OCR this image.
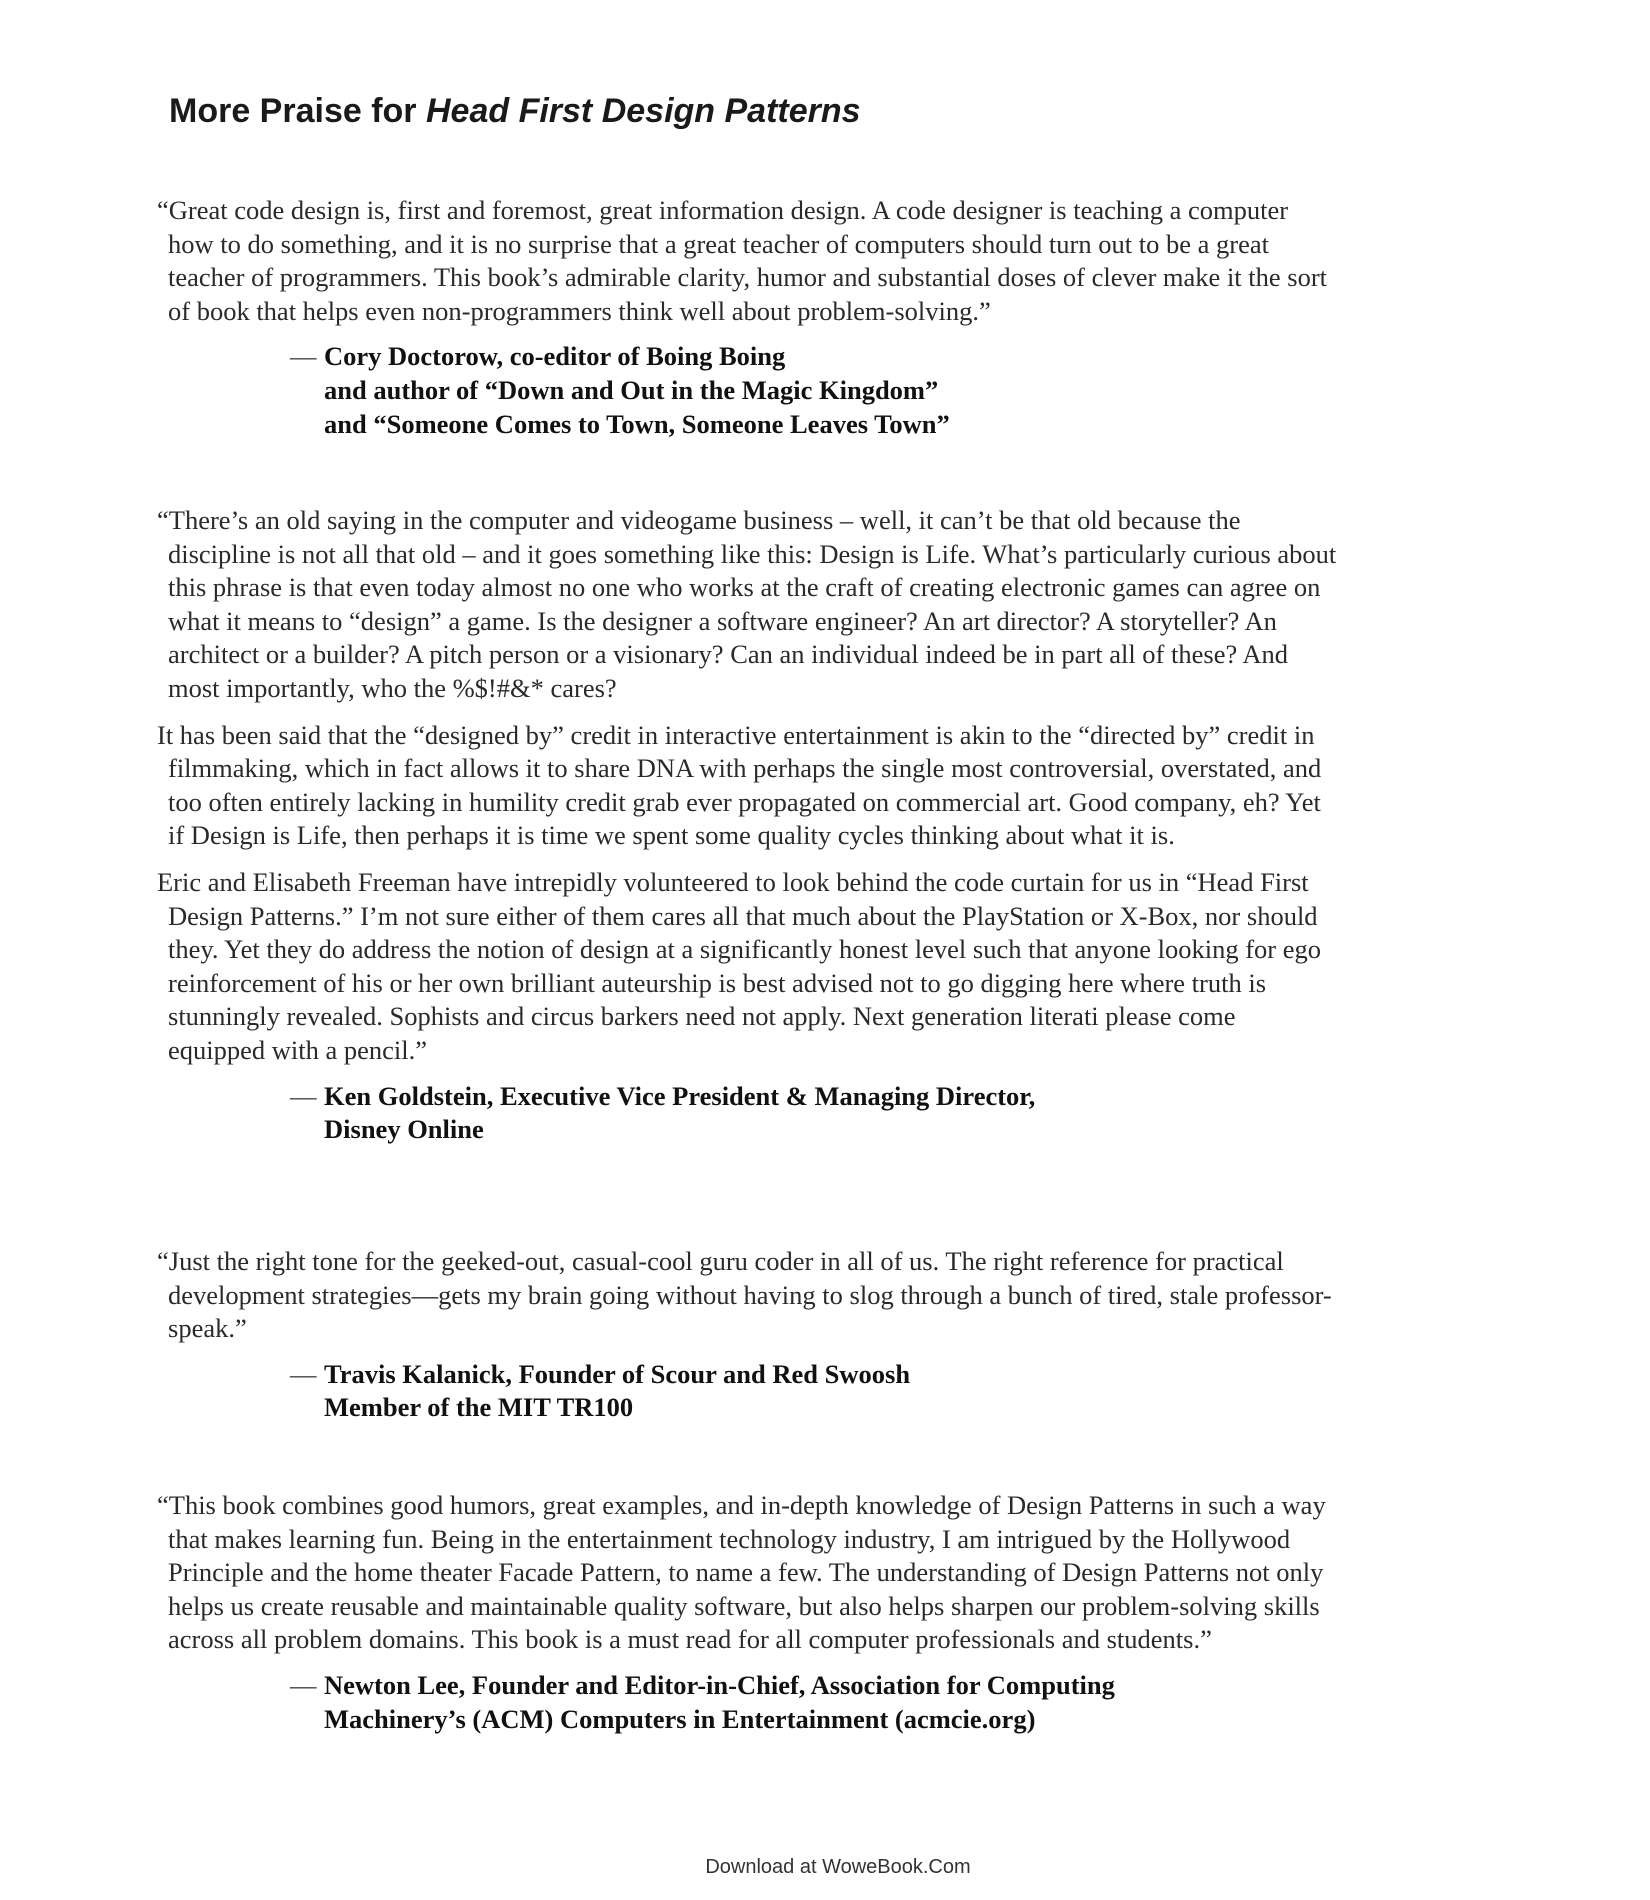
More Praise for Head First Design Patterns

“Great code design is, first and foremost, great information design. A code designer is teaching a computer how to do something, and it is no surprise that a great teacher of computers should turn out to be a great teacher of programmers. This book’s admirable clarity, humor and substantial doses of clever make it the sort of book that helps even non-programmers think well about problem-solving.”

— Cory Doctorow, co-editor of Boing Boing
and author of “Down and Out in the Magic Kingdom”
and “Someone Comes to Town, Someone Leaves Town”

“There’s an old saying in the computer and videogame business – well, it can’t be that old because the discipline is not all that old – and it goes something like this: Design is Life. What’s particularly curious about this phrase is that even today almost no one who works at the craft of creating electronic games can agree on what it means to “design” a game. Is the designer a software engineer? An art director? A storyteller? An architect or a builder? A pitch person or a visionary? Can an individual indeed be in part all of these? And most importantly, who the %$!#&* cares?

It has been said that the “designed by” credit in interactive entertainment is akin to the “directed by” credit in filmmaking, which in fact allows it to share DNA with perhaps the single most controversial, overstated, and too often entirely lacking in humility credit grab ever propagated on commercial art. Good company, eh? Yet if Design is Life, then perhaps it is time we spent some quality cycles thinking about what it is.

Eric and Elisabeth Freeman have intrepidly volunteered to look behind the code curtain for us in “Head First Design Patterns.” I’m not sure either of them cares all that much about the PlayStation or X-Box, nor should they. Yet they do address the notion of design at a significantly honest level such that anyone looking for ego reinforcement of his or her own brilliant auteurship is best advised not to go digging here where truth is stunningly revealed. Sophists and circus barkers need not apply. Next generation literati please come equipped with a pencil.”

— Ken Goldstein, Executive Vice President & Managing Director,
Disney Online

“Just the right tone for the geeked-out, casual-cool guru coder in all of us. The right reference for practical development strategies—gets my brain going without having to slog through a bunch of tired, stale professor-speak.”

— Travis Kalanick, Founder of Scour and Red Swoosh
Member of the MIT TR100

“This book combines good humors, great examples, and in-depth knowledge of Design Patterns in such a way that makes learning fun. Being in the entertainment technology industry, I am intrigued by the Hollywood Principle and the home theater Facade Pattern, to name a few. The understanding of Design Patterns not only helps us create reusable and maintainable quality software, but also helps sharpen our problem-solving skills across all problem domains. This book is a must read for all computer professionals and students.”

— Newton Lee, Founder and Editor-in-Chief, Association for Computing
Machinery’s (ACM) Computers in Entertainment (acmcie.org)
Download at WoweBook.Com
